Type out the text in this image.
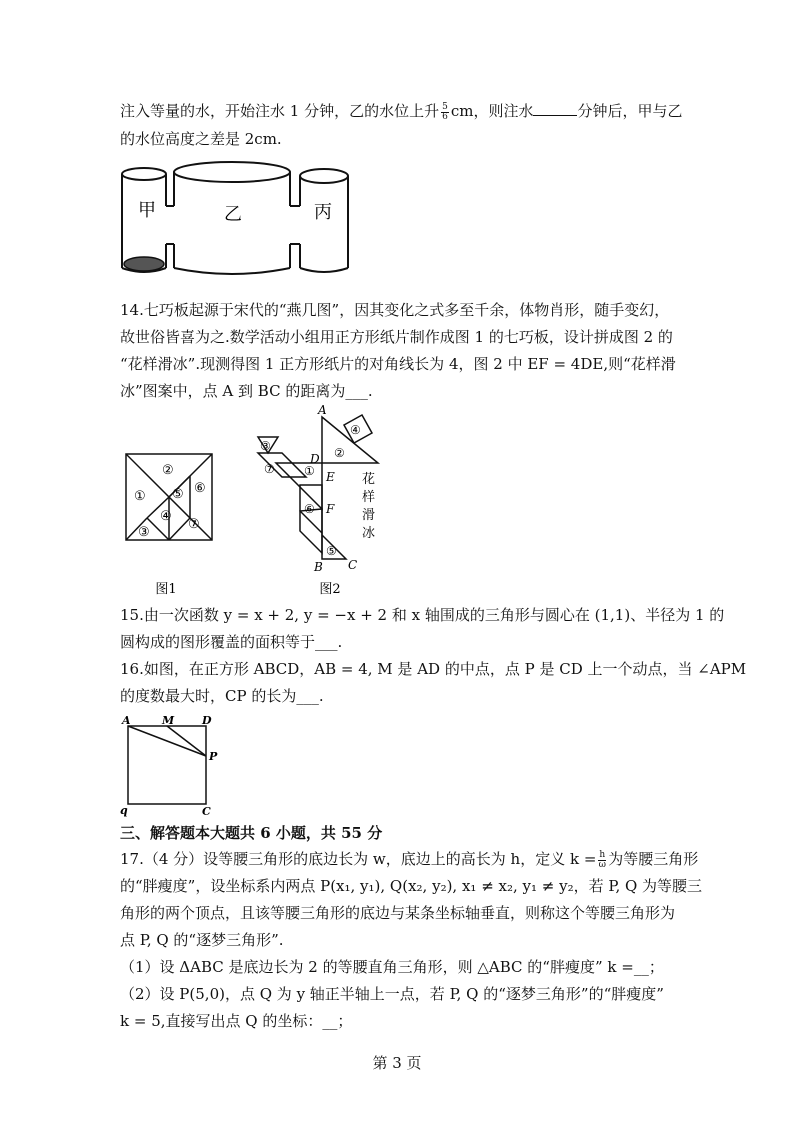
注入等量的水，开始注水 1 分钟，乙的水位上升 $\frac{5}{6}$ cm，则注水	分钟后，甲与乙
的水位高度之差是 2cm.
甲	乙	丙
14.七巧板起源于宋代的“燕几图”，因其变化之式多至千余，体物肖形，随手变幻，
故世俗皆喜为之.数学活动小组用正方形纸片制作成图 1 的七巧板，设计拼成图 2 的
“花样滑冰”.现测得图 1 正方形纸片的对角线长为 4，图 2 中 EF = 4DE,则“花样滑
冰”图案中，点 A 到 BC 的距离为___.
①
②
③
④
⑤ ⑥
⑦
图1
A
D
E
F
B C
①
②
③
④
⑤
⑥
⑦
花
样
滑
冰
图2
15.由一次函数 y = x + 2, y = −x + 2 和 x 轴围成的三角形与圆心在 (1,1)、半径为 1 的
圆构成的图形覆盖的面积等于___.
16.如图，在正方形 ABCD，AB = 4, M 是 AD 的中点，点 P 是 CD 上一个动点，当 ∠APM
的度数最大时，CP 的长为___.
A	M	D
P
q	C
三、解答题本大题共 6 小题，共 55 分
17.（4 分）设等腰三角形的底边长为 w，底边上的高长为 h，定义 $k = \frac{h}{\omega}$ 为等腰三角形
的“胖瘦度”，设坐标系内两点 P(x₁, y₁), Q(x₂, y₂), x₁ ≠ x₂, y₁ ≠ y₂，若 P, Q 为等腰三
角形的两个顶点，且该等腰三角形的底边与某条坐标轴垂直，则称这个等腰三角形为
点 P, Q 的“逐梦三角形”.
（1）设 ΔABC 是底边长为 2 的等腰直角三角形，则 △ABC 的“胖瘦度” k =__；
（2）设 P(5,0)，点 Q 为 y 轴正半轴上一点，若 P, Q 的“逐梦三角形”的“胖瘦度”
k = 5,直接写出点 Q 的坐标：__；
第 3 页
